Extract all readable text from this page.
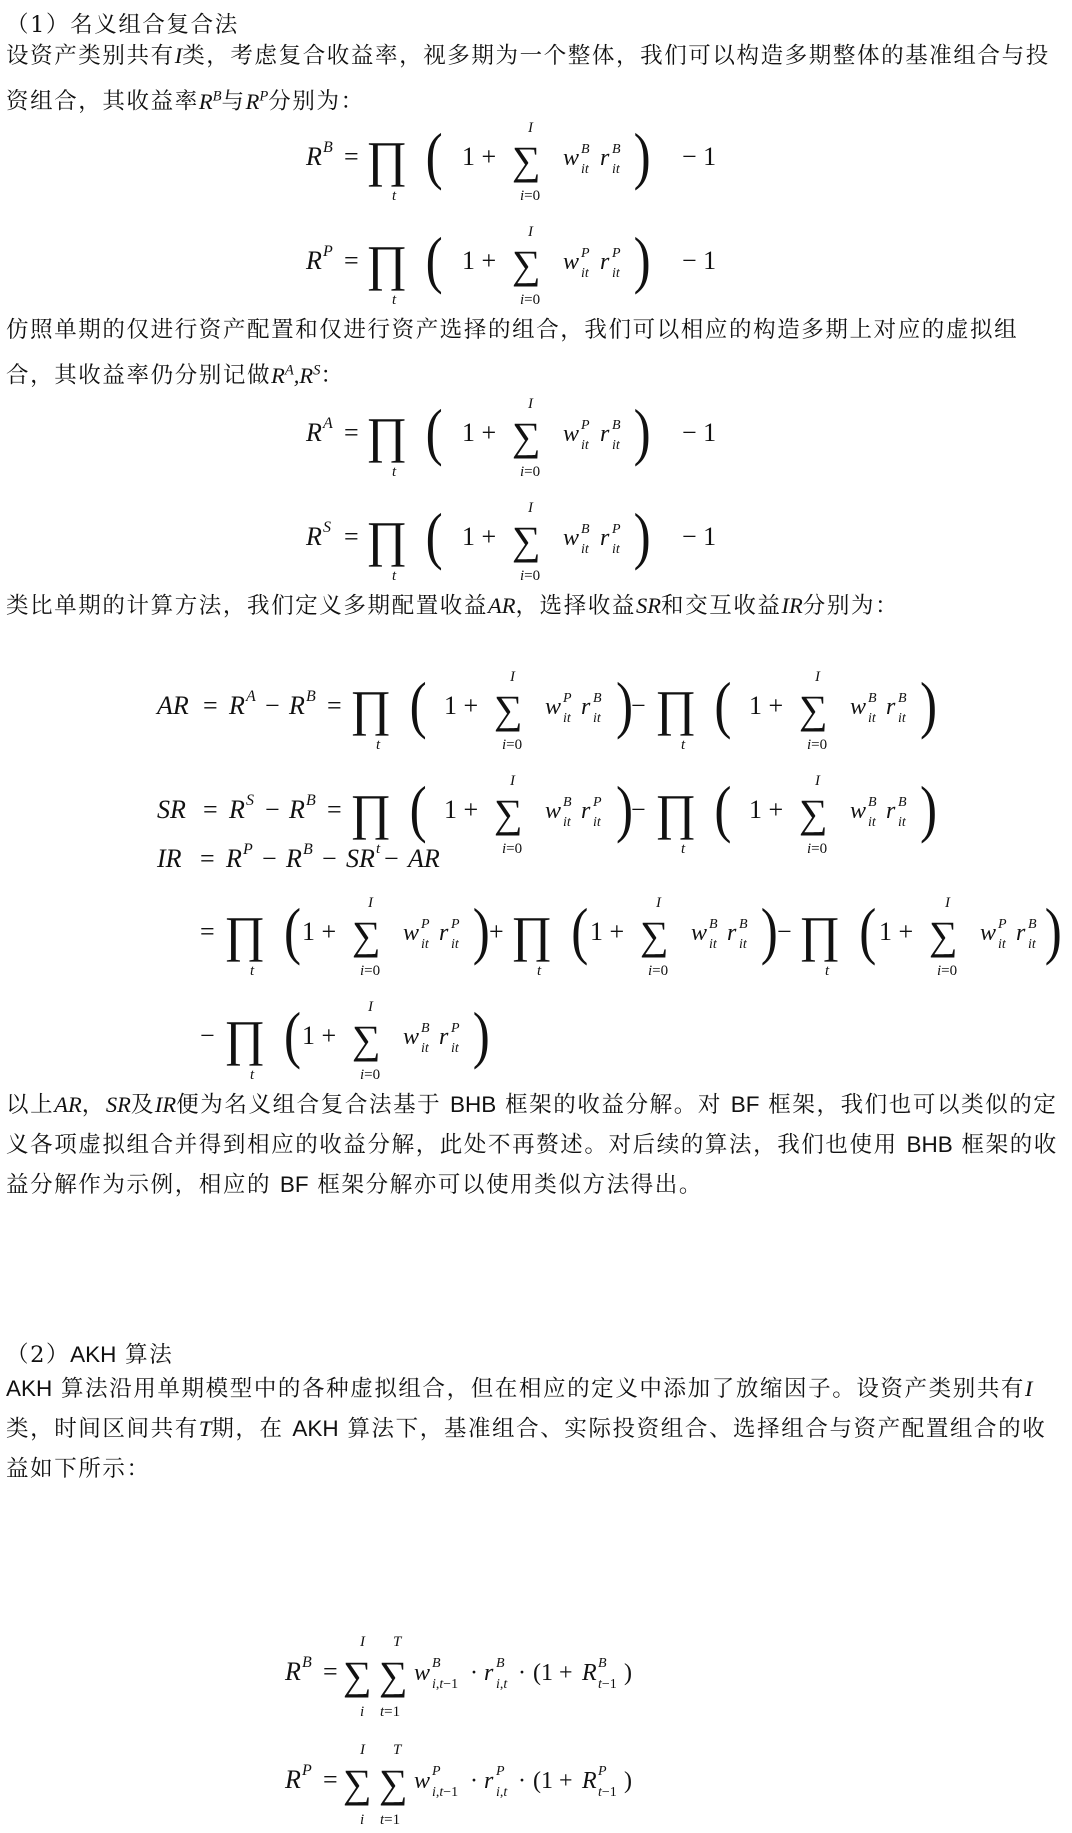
（1）名义组合复合法

设资产类别共有I类，考虑复合收益率，视多期为一个整体，我们可以构造多期整体的基准组合与投资组合，其收益率$R^B$与$R^P$分别为：

R B = ∏
t
( 1 + ∑
I
i=0
w B
it r B
it ) − 1
R P = ∏
t
( 1 + ∑
I
i=0
w P
it r P
it ) − 1
R A = ∏
t
( 1 + ∑
I
i=0
w P
it r B
it ) − 1
R S = ∏
t
( 1 + ∑
I
i=0
w B
it r P
it ) − 1
AR = R A − R B = ∏
t
( 1 + ∑
I
i=0
w P
it r B
it )
− ∏
t
( 1 + ∑
I
i=0
w B
it r B
it )
SR = R S − R B = ∏
t
( 1 + ∑
I
i=0
w B
it r P
it )
− ∏
t
( 1 + ∑
I
i=0
w B
it r B
it )
IR = R P − R B − SR − AR
= ∏
t
( 1 + ∑
I
i=0
w P
it r P
it ) + ∏
t
( 1 + ∑
I
i=0
w B
it r B
it ) − ∏
t
( 1 + ∑
I
i=0
w P
it r B
it )
− ∏
t
( 1 + ∑
I
i=0
w B
it r P
it )
R B = ∑
I
i
∑
T
t=1
w B
i,t−1 · r B
i,t · (1 + R B
t−1 )
R P = ∑
I
i
∑
T
t=1
w P
i,t−1 · r P
i,t · (1 + R P
t−1 )

仿照单期的仅进行资产配置和仅进行资产选择的组合，我们可以相应的构造多期上对应的虚拟组合，其收益率仍分别记做$R^A,R^S$：

类比单期的计算方法，我们定义多期配置收益AR，选择收益SR和交互收益IR分别为：

以上AR，SR及IR便为名义组合复合法基于 BHB 框架的收益分解。对 BF 框架，我们也可以类似的定义各项虚拟组合并得到相应的收益分解，此处不再赘述。对后续的算法，我们也使用 BHB 框架的收益分解作为示例，相应的 BF 框架分解亦可以使用类似方法得出。

（2）AKH 算法

AKH 算法沿用单期模型中的各种虚拟组合，但在相应的定义中添加了放缩因子。设资产类别共有I类，时间区间共有T期，在 AKH 算法下，基准组合、实际投资组合、选择组合与资产配置组合的收益如下所示：
